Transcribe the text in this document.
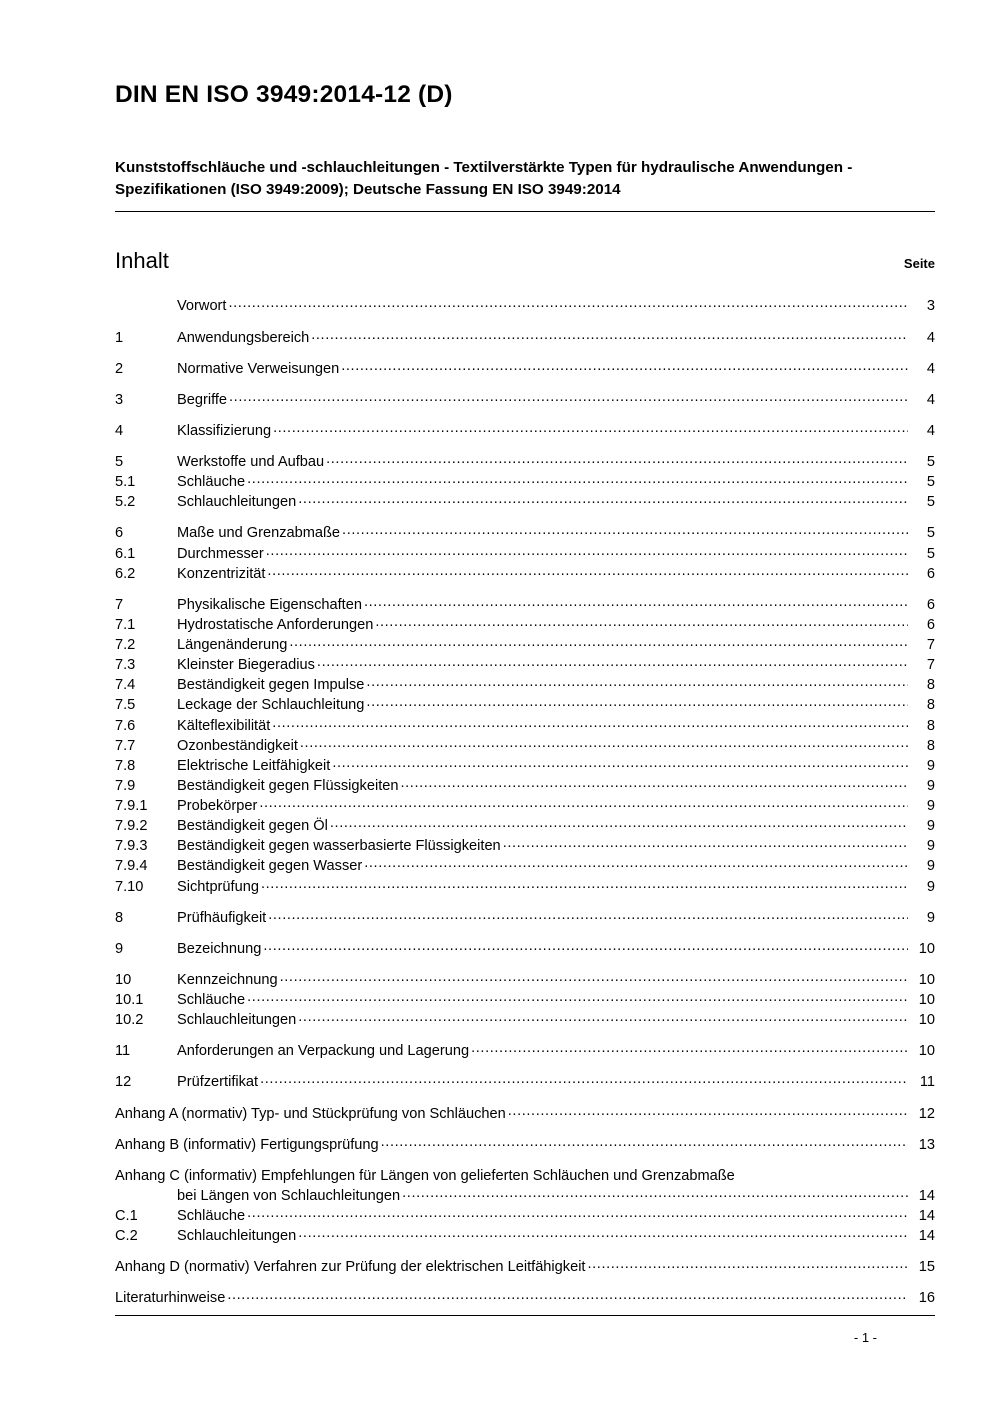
DIN EN ISO 3949:2014-12 (D)
Kunststoffschläuche und -schlauchleitungen - Textilverstärkte Typen für hydraulische Anwendungen - Spezifikationen (ISO 3949:2009); Deutsche Fassung EN ISO 3949:2014
Inhalt	Seite
Vorwort .....	3
1	Anwendungsbereich .....	4
2	Normative Verweisungen .....	4
3	Begriffe .....	4
4	Klassifizierung .....	4
5	Werkstoffe und Aufbau .....	5
5.1	Schläuche .....	5
5.2	Schlauchleitungen .....	5
6	Maße und Grenzabmaße .....	5
6.1	Durchmesser .....	5
6.2	Konzentrizität .....	6
7	Physikalische Eigenschaften .....	6
7.1	Hydrostatische Anforderungen .....	6
7.2	Längenänderung .....	7
7.3	Kleinster Biegeradius .....	7
7.4	Beständigkeit gegen Impulse .....	8
7.5	Leckage der Schlauchleitung .....	8
7.6	Kälteflexibilität .....	8
7.7	Ozonbeständigkeit .....	8
7.8	Elektrische Leitfähigkeit .....	9
7.9	Beständigkeit gegen Flüssigkeiten .....	9
7.9.1	Probekörper .....	9
7.9.2	Beständigkeit gegen Öl .....	9
7.9.3	Beständigkeit gegen wasserbasierte Flüssigkeiten .....	9
7.9.4	Beständigkeit gegen Wasser .....	9
7.10	Sichtprüfung .....	9
8	Prüfhäufigkeit .....	9
9	Bezeichnung .....	10
10	Kennzeichnung .....	10
10.1	Schläuche .....	10
10.2	Schlauchleitungen .....	10
11	Anforderungen an Verpackung und Lagerung .....	10
12	Prüfzertifikat .....	11
Anhang A (normativ) Typ- und Stückprüfung von Schläuchen .....	12
Anhang B (informativ) Fertigungsprüfung .....	13
Anhang C (informativ) Empfehlungen für Längen von gelieferten Schläuchen und Grenzabmaße
bei Längen von Schlauchleitungen .....	14
C.1	Schläuche .....	14
C.2	Schlauchleitungen .....	14
Anhang D (normativ) Verfahren zur Prüfung der elektrischen Leitfähigkeit .....	15
Literaturhinweise .....	16
- 1 -
